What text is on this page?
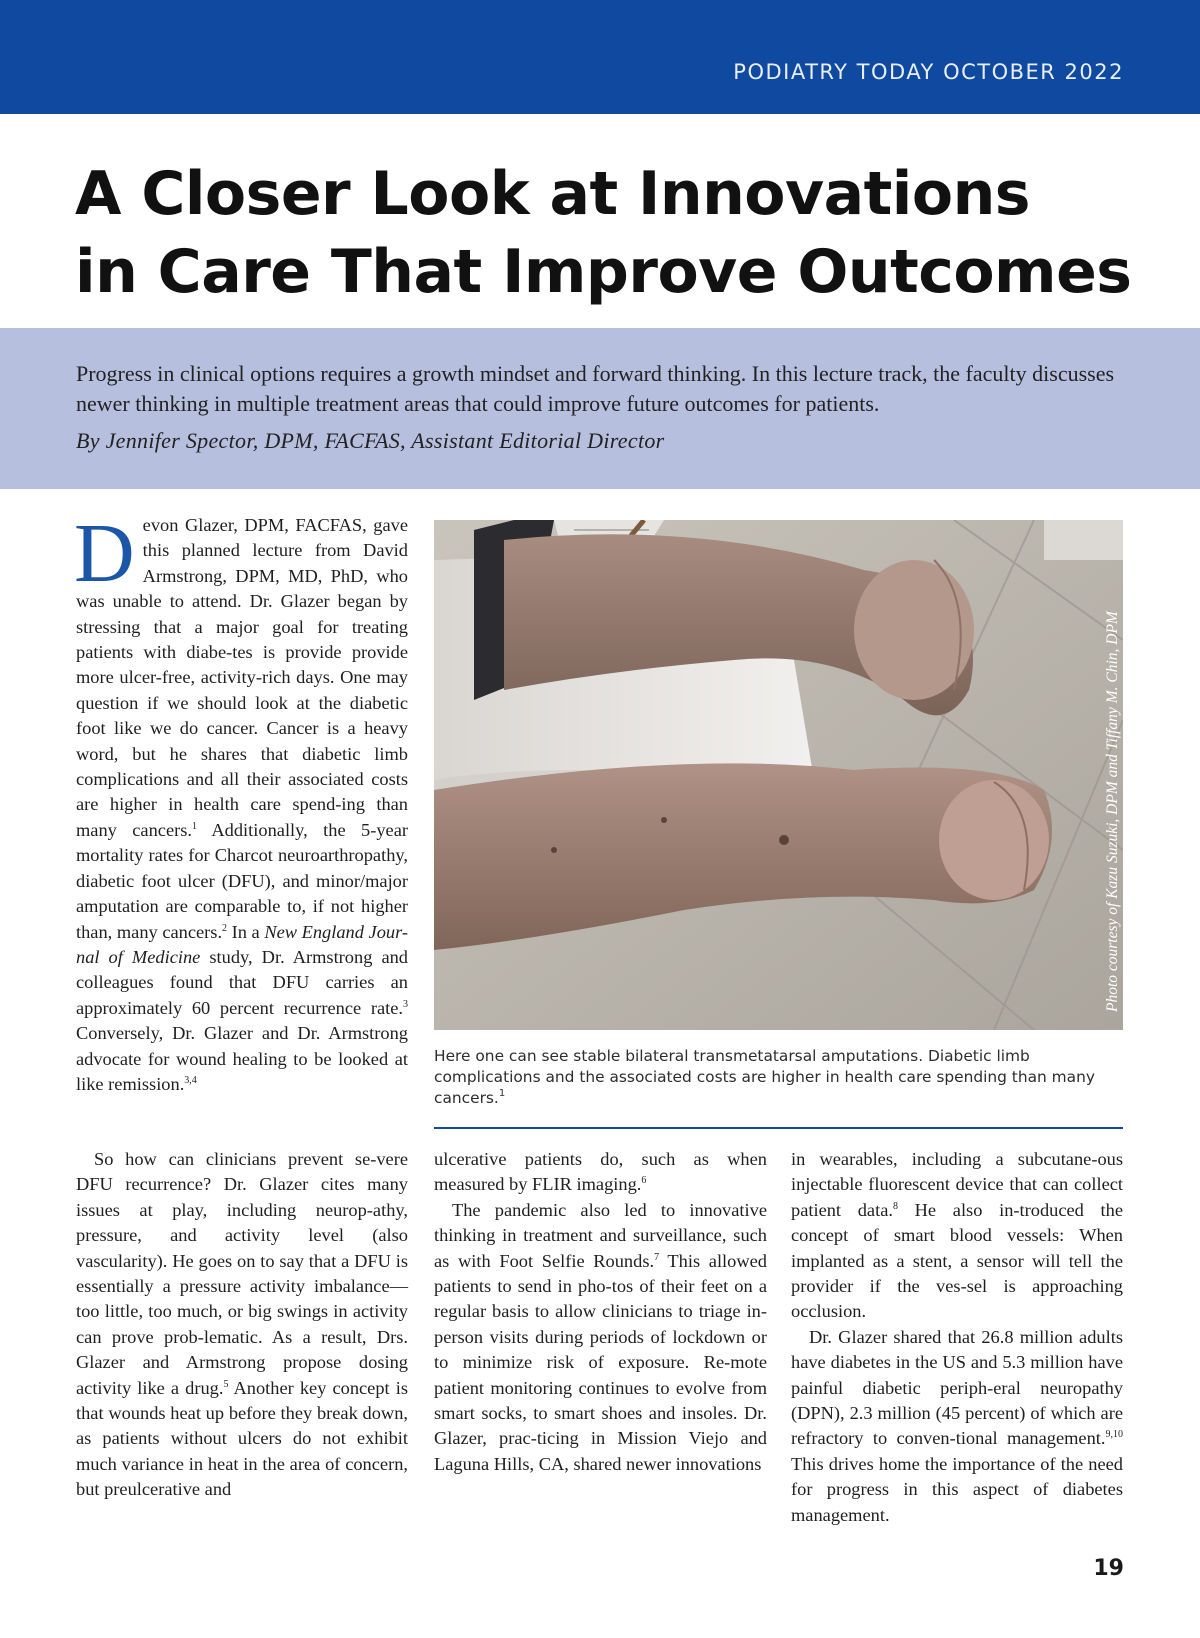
PODIATRY TODAY OCTOBER 2022
A Closer Look at Innovations
in Care That Improve Outcomes

Progress in clinical options requires a growth mindset and forward thinking. In this lecture track, the faculty discusses newer thinking in multiple treatment areas that could improve future outcomes for patients.

By Jennifer Spector, DPM, FACFAS, Assistant Editorial Director

Devon Glazer, DPM, FACFAS, gave this planned lecture from David Armstrong, DPM, MD, PhD, who was unable to attend. Dr. Glazer began by stressing that a major goal for treating patients with diabe-tes is provide provide more ulcer-free, activity-rich days. One may question if we should look at the diabetic foot like we do cancer. Cancer is a heavy word, but he shares that diabetic limb complications and all their associated costs are higher in health care spend-ing than many cancers.$^1$ Additionally, the 5-year mortality rates for Charcot neuroarthropathy, diabetic foot ulcer (DFU), and minor/major amputation are comparable to, if not higher than, many cancers.$^2$ In a New England Jour-nal of Medicine study, Dr. Armstrong and colleagues found that DFU carries an approximately 60 percent recurrence rate.$^3$ Conversely, Dr. Glazer and Dr. Armstrong advocate for wound healing to be looked at like remission.$^{3,4}$

So how can clinicians prevent se-vere DFU recurrence? Dr. Glazer cites many issues at play, including neurop-athy, pressure, and activity level (also vascularity). He goes on to say that a DFU is essentially a pressure activity imbalance—too little, too much, or big swings in activity can prove prob-lematic. As a result, Drs. Glazer and Armstrong propose dosing activity like a drug.$^5$ Another key concept is that wounds heat up before they break down, as patients without ulcers do not exhibit much variance in heat in the area of concern, but preulcerative and

ulcerative patients do, such as when measured by FLIR imaging.$^6$

The pandemic also led to innovative thinking in treatment and surveillance, such as with Foot Selfie Rounds.$^7$ This allowed patients to send in pho-tos of their feet on a regular basis to allow clinicians to triage in-person visits during periods of lockdown or to minimize risk of exposure. Re-mote patient monitoring continues to evolve from smart socks, to smart shoes and insoles. Dr. Glazer, prac-ticing in Mission Viejo and Laguna Hills, CA, shared newer innovations

in wearables, including a subcutane-ous injectable fluorescent device that can collect patient data.$^8$ He also in-troduced the concept of smart blood vessels: When implanted as a stent, a sensor will tell the provider if the ves-sel is approaching occlusion.

Dr. Glazer shared that 26.8 million adults have diabetes in the US and 5.3 million have painful diabetic periph-eral neuropathy (DPN), 2.3 million (45 percent) of which are refractory to conven-tional management.$^{9,10}$ This drives home the importance of the need for progress in this aspect of diabetes management.

Photo courtesy of Kazu Suzuki, DPM and Tiffany M. Chin, DPM

Here one can see stable bilateral transmetatarsal amputations. Diabetic limb complications and the associated costs are higher in health care spending than many cancers.$^1$

19
